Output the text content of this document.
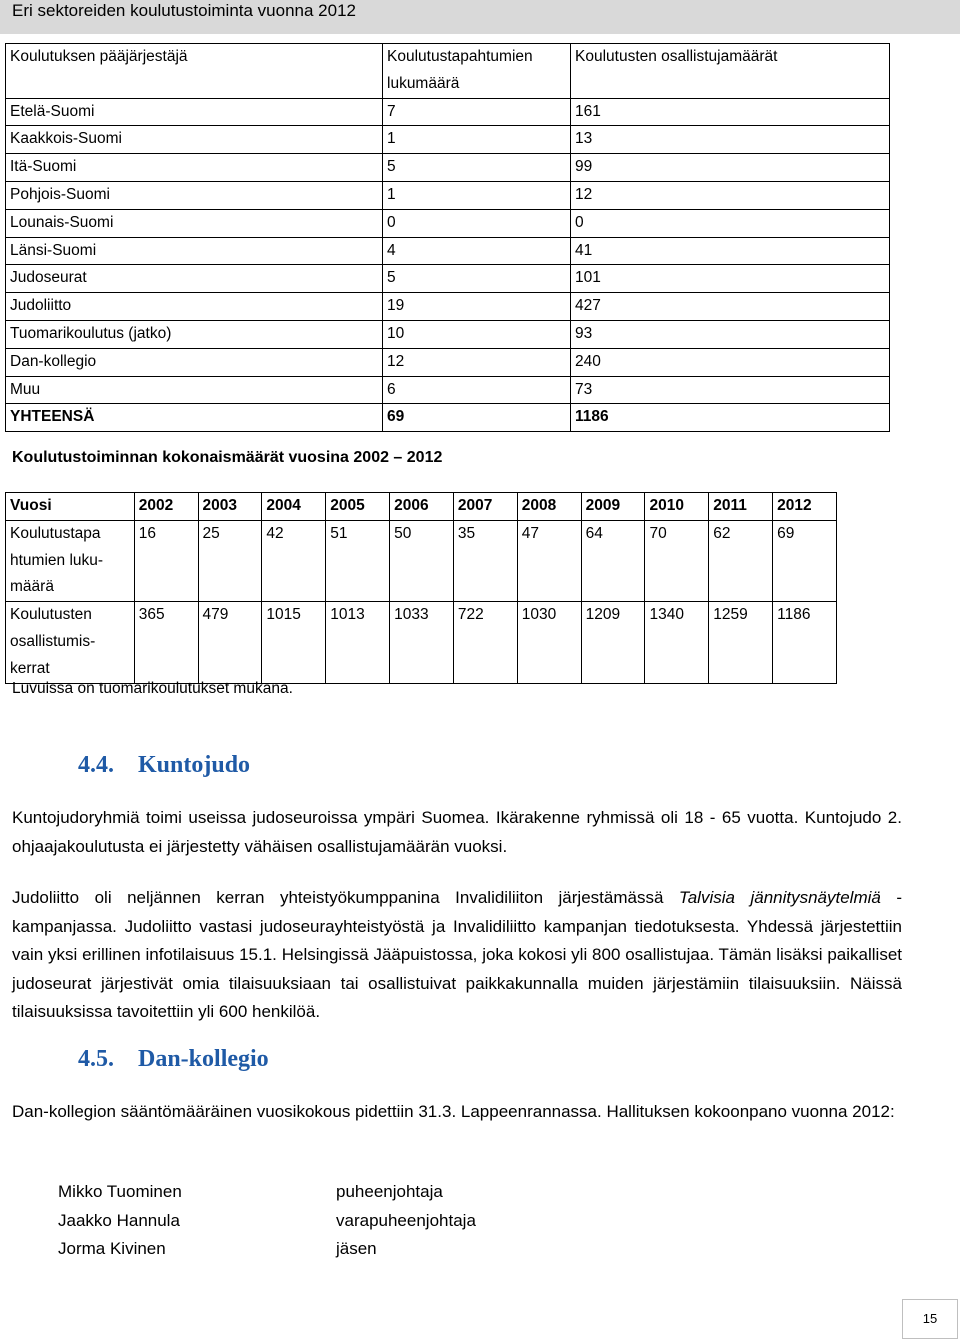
Eri sektoreiden koulutustoiminta vuonna 2012
Koulutuksen pääjärjestäjä	Koulutustapahtumien lukumäärä	Koulutusten osallistujamäärät
Etelä-Suomi	7	161
Kaakkois-Suomi	1	13
Itä-Suomi	5	99
Pohjois-Suomi	1	12
Lounais-Suomi	0	0
Länsi-Suomi	4	41
Judoseurat	5	101
Judoliitto	19	427
Tuomarikoulutus (jatko)	10	93
Dan-kollegio	12	240
Muu	6	73
YHTEENSÄ	69	1186
Koulutustoiminnan kokonaismäärät vuosina 2002 – 2012
Vuosi	2002	2003	2004	2005	2006	2007	2008	2009	2010	2011	2012
Koulutustapa htumien luku- määrä	16	25	42	51	50	35	47	64	70	62	69
Koulutusten osallistumis- kerrat	365	479	1015	1013	1033	722	1030	1209	1340	1259	1186
Luvuissa on tuomarikoulutukset mukana.
4.4. Kuntojudo
Kuntojudoryhmiä toimi useissa judoseuroissa ympäri Suomea. Ikärakenne ryhmissä oli 18 - 65 vuotta. Kuntojudo 2. ohjaajakoulutusta ei järjestetty vähäisen osallistujamäärän vuoksi.
Judoliitto oli neljännen kerran yhteistyökumppanina Invalidiliiton järjestämässä Talvisia jännitysnäytelmiä -kampanjassa. Judoliitto vastasi judoseurayhteistyöstä ja Invalidiliitto kampanjan tiedotuksesta. Yhdessä järjestettiin vain yksi erillinen infotilaisuus 15.1. Helsingissä Jääpuistossa, joka kokosi yli 800 osallistujaa. Tämän lisäksi paikalliset judoseurat järjestivät omia tilaisuuksiaan tai osallistuivat paikkakunnalla muiden järjestämiin tilaisuuksiin. Näissä tilaisuuksissa tavoitettiin yli 600 henkilöä.
4.5. Dan-kollegio
Dan-kollegion sääntömääräinen vuosikokous pidettiin 31.3. Lappeenrannassa. Hallituksen kokoonpano vuonna 2012:
Mikko Tuominen	puheenjohtaja
Jaakko Hannula	varapuheenjohtaja
Jorma Kivinen	jäsen
15
